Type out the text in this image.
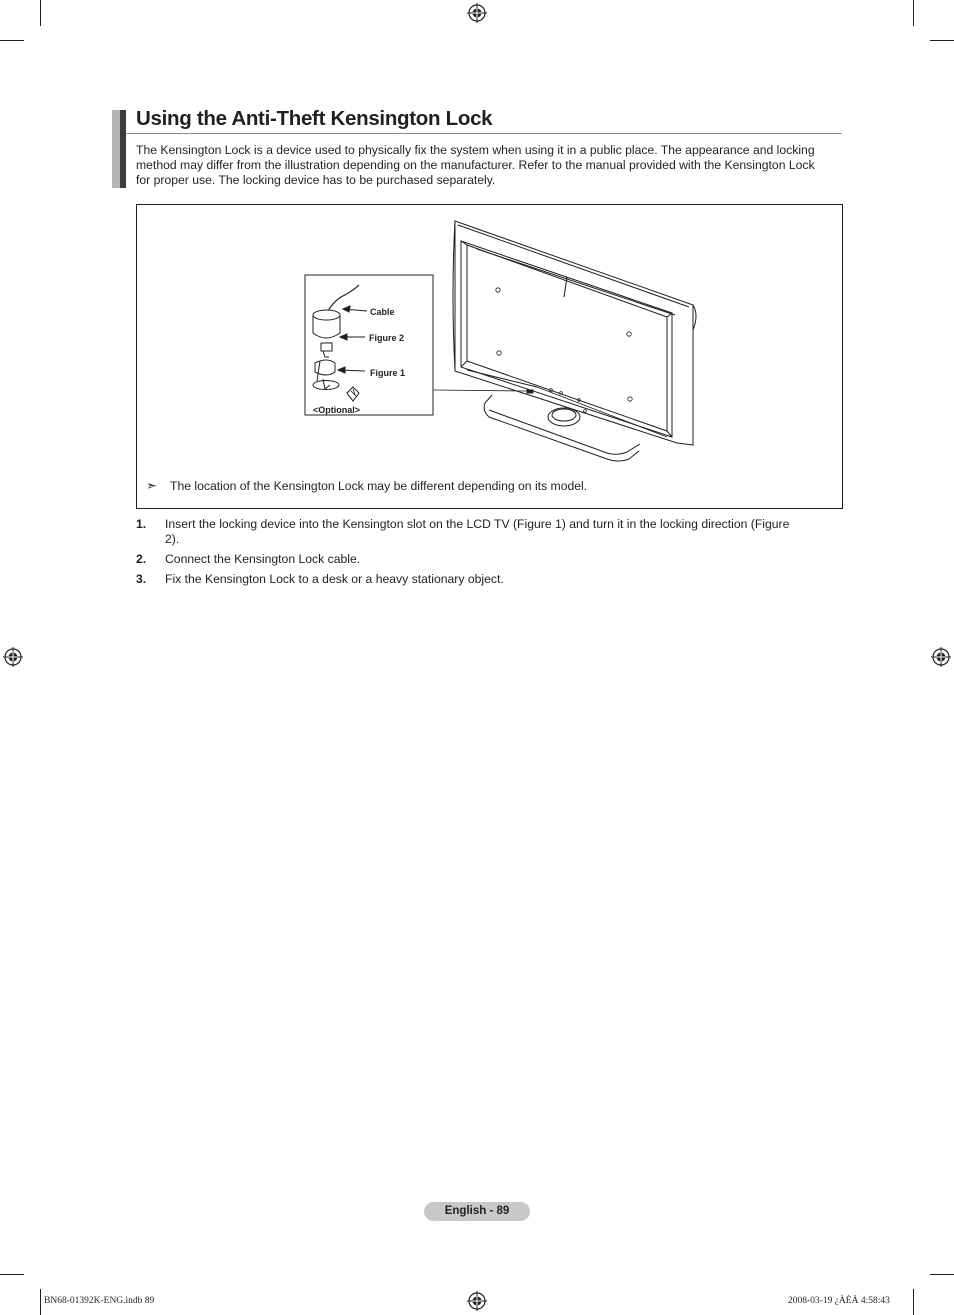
Using the Anti-Theft Kensington Lock

The Kensington Lock is a device used to physically fix the system when using it in a public place. The appearance and locking method may differ from the illustration depending on the manufacturer. Refer to the manual provided with the Kensington Lock for proper use. The locking device has to be purchased separately.

Cable
Figure 2
Figure 1
<Optional>
➣ The location of the Kensington Lock may be different depending on its model.
1. Insert the locking device into the Kensington slot on the LCD TV (Figure 1) and turn it in the locking direction (Figure 2).
2. Connect the Kensington Lock cable.
3. Fix the Kensington Lock to a desk or a heavy stationary object.
English - 89
BN68-01392K-ENG.indb 89	2008-03-19 ¿ÀÈÄ 4:58:43
